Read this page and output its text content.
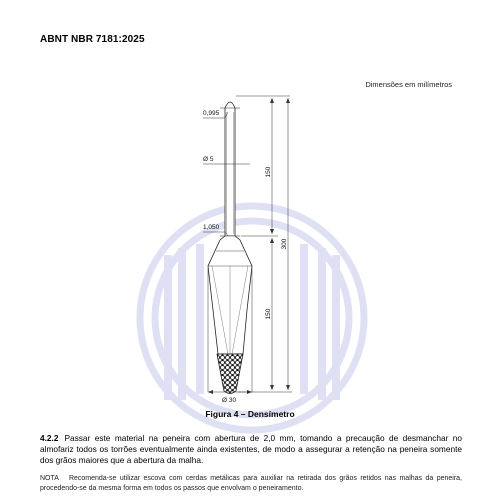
ABNT NBR 7181:2025
Dimensões em milímetros
0,995
Ø 5
1,050
Ø 30
150
150
300
Figura 4 – Densímetro
4.2.2 Passar este material na peneira com abertura de 2,0 mm, tomando a precaução de desmanchar no almofariz todos os torrões eventualmente ainda existentes, de modo a assegurar a retenção na peneira somente dos grãos maiores que a abertura da malha.
NOTA Recomenda-se utilizar escova com cerdas metálicas para auxiliar na retirada dos grãos retidos nas malhas da peneira, procedendo-se da mesma forma em todos os passos que envolvam o peneiramento.
